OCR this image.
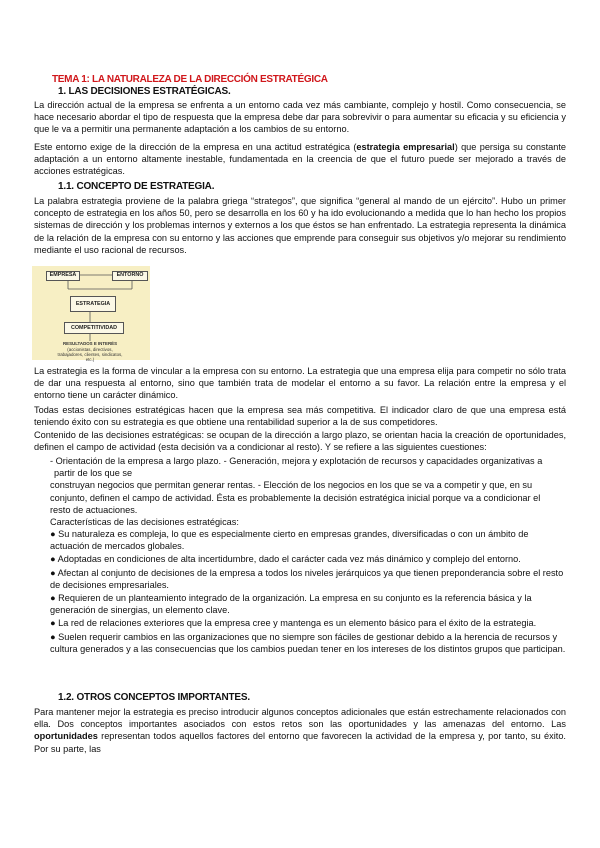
TEMA 1: LA NATURALEZA DE LA DIRECCIÓN ESTRATÉGICA
1. LAS DECISIONES ESTRATÉGICAS.
La dirección actual de la empresa se enfrenta a un entorno cada vez más cambiante, complejo y hostil. Como consecuencia, se hace necesario abordar el tipo de respuesta que la empresa debe dar para sobrevivir o para aumentar su eficacia y su eficiencia y que le va a permitir una permanente adaptación a los cambios de su entorno.
Este entorno exige de la dirección de la empresa en una actitud estratégica (estrategia empresarial) que persiga su constante adaptación a un entorno altamente inestable, fundamentada en la creencia de que el futuro puede ser mejorado a través de acciones estratégicas.
1.1. CONCEPTO DE ESTRATEGIA.
La palabra estrategia proviene de la palabra griega “strategos”, que significa “general al mando de un ejército”. Hubo un primer concepto de estrategia en los años 50, pero se desarrolla en los 60 y ha ido evolucionando a medida que lo han hecho los propios sistemas de dirección y los problemas internos y externos a los que éstos se han enfrentado. La estrategia representa la dinámica de la relación de la empresa con su entorno y las acciones que emprende para conseguir sus objetivos y/o mejorar su rendimiento mediante el uso racional de recursos.
EMPRESA	ENTORNO
ESTRATEGIA
COMPETITIVIDAD
RESULTADOS E INTERÉS
(accionistas, directivos, trabajadores, clientes, sindicatos, etc.)
La estrategia es la forma de vincular a la empresa con su entorno. La estrategia que una empresa elija para competir no sólo trata de dar una respuesta al entorno, sino que también trata de modelar el entorno a su favor. La relación entre la empresa y el entorno tiene un carácter dinámico.
Todas estas decisiones estratégicas hacen que la empresa sea más competitiva. El indicador claro de que una empresa está teniendo éxito con su estrategia es que obtiene una rentabilidad superior a la de sus competidores.
Contenido de las decisiones estratégicas: se ocupan de la dirección a largo plazo, se orientan hacia la creación de oportunidades, definen el campo de actividad (esta decisión va a condicionar al resto). Y se refiere a las siguientes cuestiones:
- Orientación de la empresa a largo plazo. - Generación, mejora y explotación de recursos y capacidades organizativas a
partir de los que se
construyan negocios que permitan generar rentas. - Elección de los negocios en los que se va a competir y que, en su
conjunto, definen el campo de actividad. Ésta es probablemente la decisión estratégica inicial porque va a condicionar el
resto de actuaciones.
Características de las decisiones estratégicas:
● Su naturaleza es compleja, lo que es especialmente cierto en empresas grandes, diversificadas o con un ámbito de actuación de mercados globales.
● Adoptadas en condiciones de alta incertidumbre, dado el carácter cada vez más dinámico y complejo del entorno.
● Afectan al conjunto de decisiones de la empresa a todos los niveles jerárquicos ya que tienen preponderancia sobre el resto de decisiones empresariales.
● Requieren de un planteamiento integrado de la organización. La empresa en su conjunto es la referencia básica y la generación de sinergias, un elemento clave.
● La red de relaciones exteriores que la empresa cree y mantenga es un elemento básico para el éxito de la estrategia.
● Suelen requerir cambios en las organizaciones que no siempre son fáciles de gestionar debido a la herencia de recursos y cultura generados y a las consecuencias que los cambios puedan tener en los intereses de los distintos grupos que participan.
1.2. OTROS CONCEPTOS IMPORTANTES.
Para mantener mejor la estrategia es preciso introducir algunos conceptos adicionales que están estrechamente relacionados con ella. Dos conceptos importantes asociados con estos retos son las oportunidades y las amenazas del entorno. Las oportunidades representan todos aquellos factores del entorno que favorecen la actividad de la empresa y, por tanto, su éxito. Por su parte, las
